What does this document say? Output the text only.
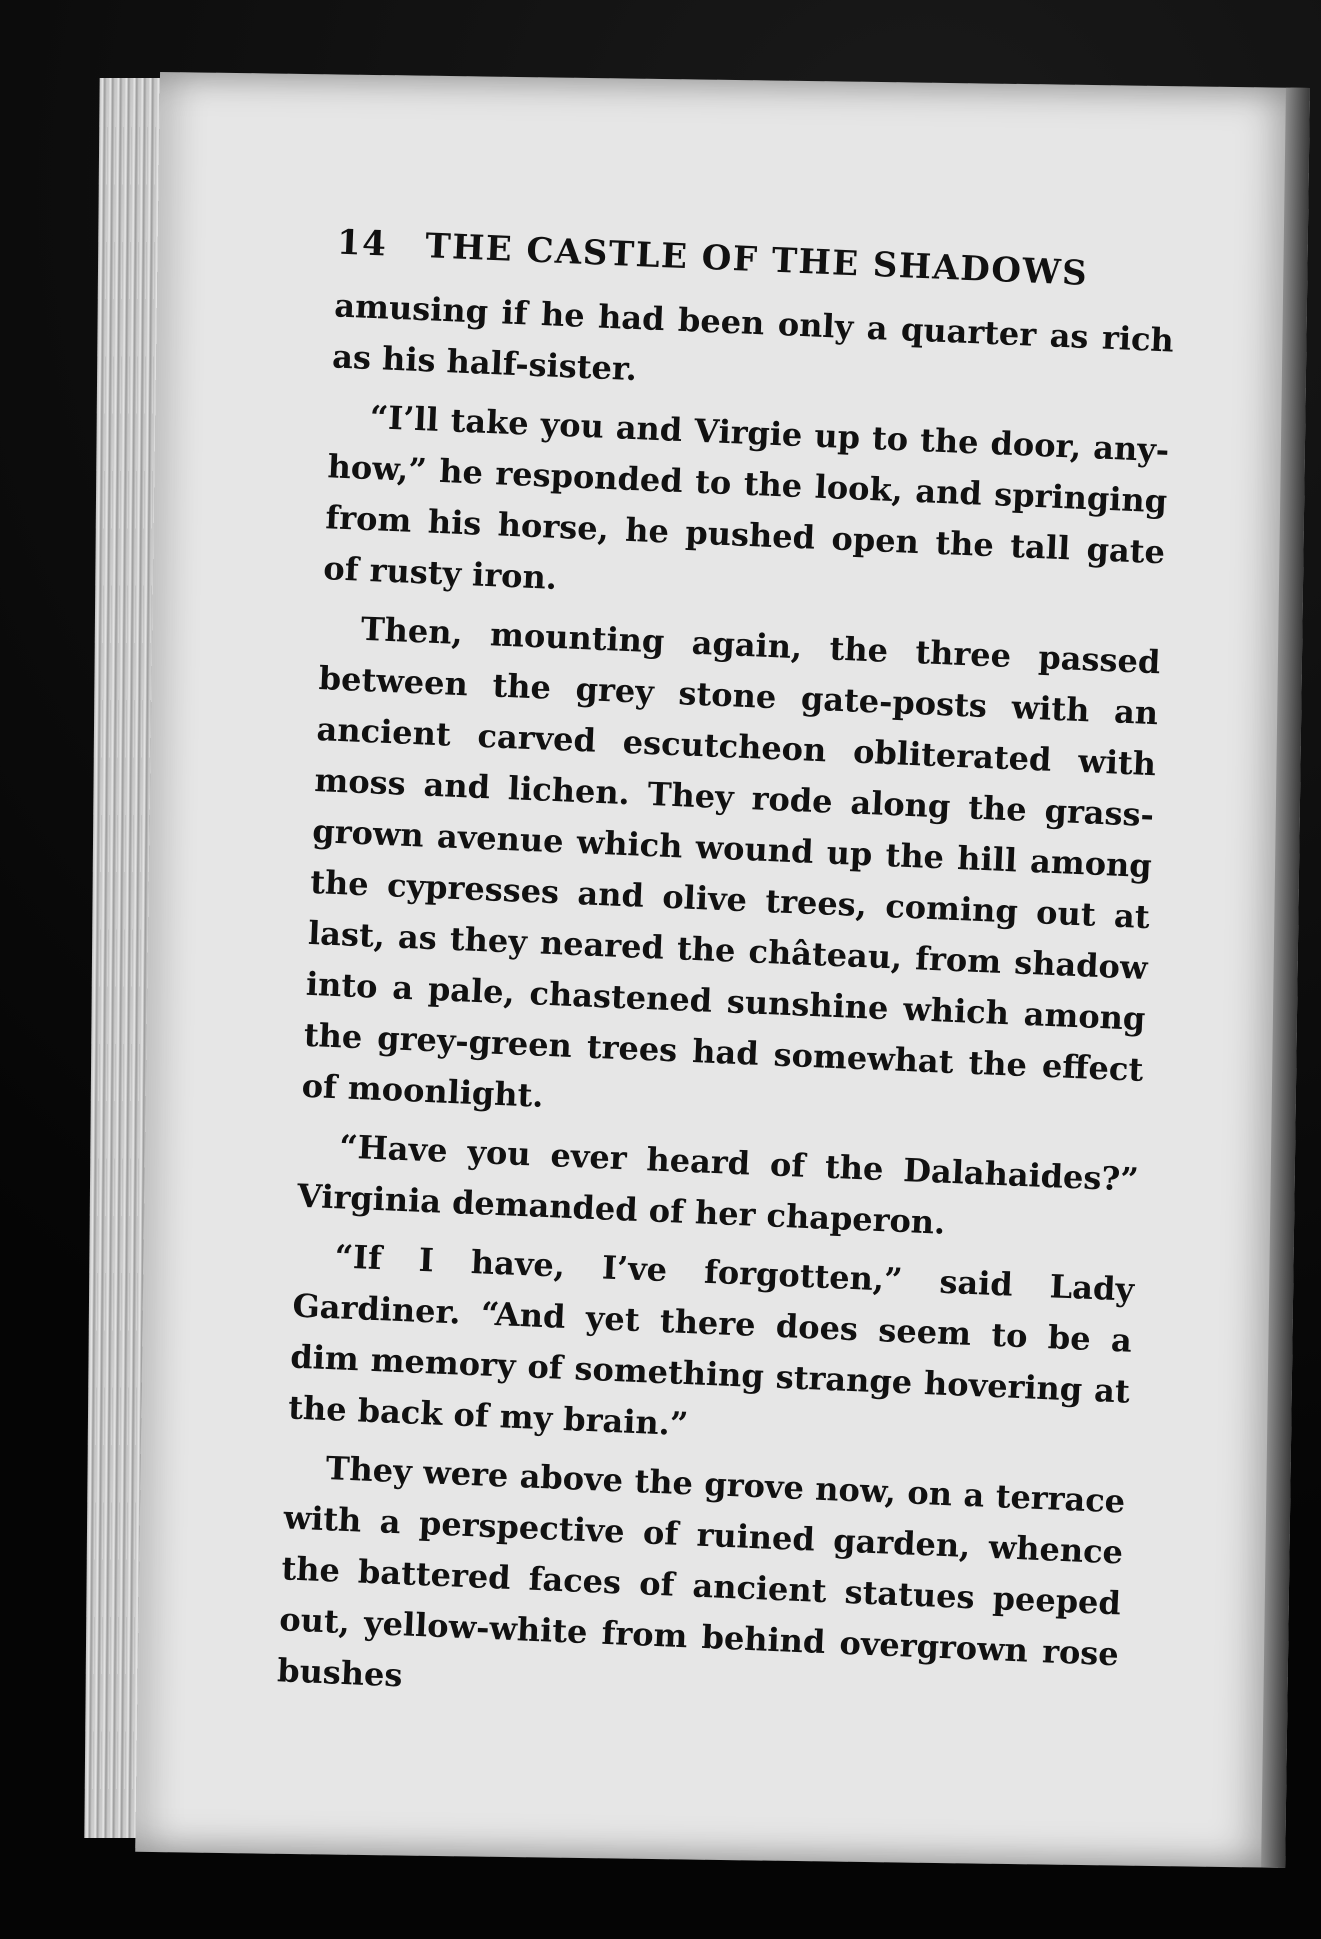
14 THE CASTLE OF THE SHADOWS

amusing if he had been only a quarter as rich as his half-sister.

“I’ll take you and Virgie up to the door, any-how,” he responded to the look, and springing from his horse, he pushed open the tall gate of rusty iron.

Then, mounting again, the three passed between the grey stone gate-posts with an ancient carved escutcheon obliterated with moss and lichen. They rode along the grass-grown avenue which wound up the hill among the cypresses and olive trees, coming out at last, as they neared the château, from shadow into a pale, chastened sunshine which among the grey-green trees had somewhat the effect of moonlight.

“Have you ever heard of the Dalahaides?” Virginia demanded of her chaperon.

“If I have, I’ve forgotten,” said Lady Gardiner. “And yet there does seem to be a dim memory of something strange hovering at the back of my brain.”

They were above the grove now, on a terrace with a perspective of ruined garden, whence the battered faces of ancient statues peeped out, yellow-white from behind overgrown rose bushes
